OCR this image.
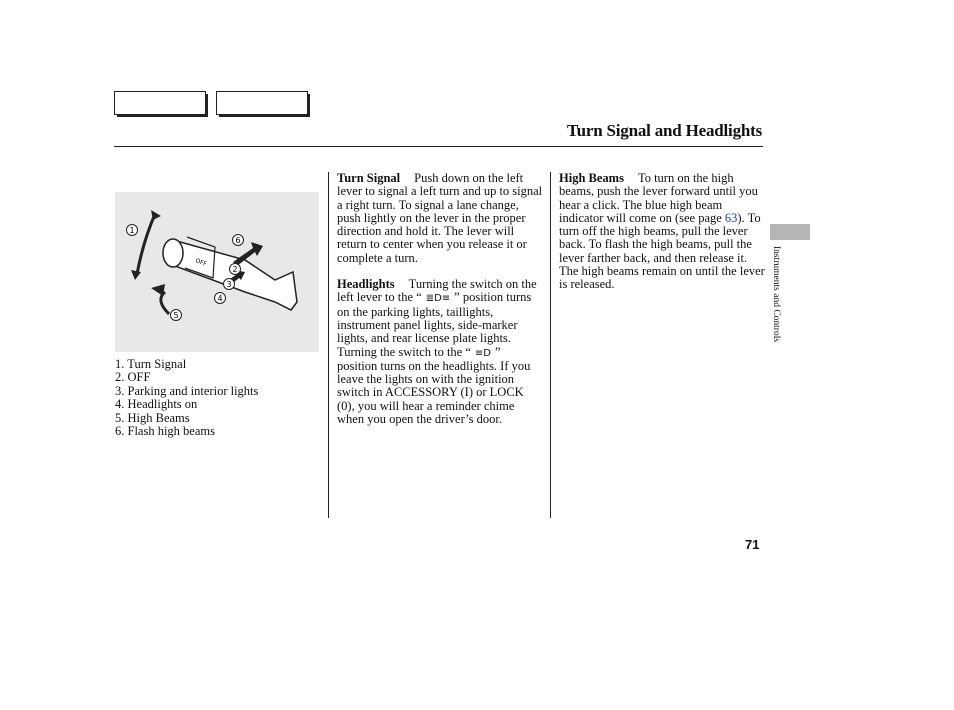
Turn Signal and Headlights
OFF
1
2
3
4
5
6
1. Turn Signal
2. OFF
3. Parking and interior lights
4. Headlights on
5. High Beams
6. Flash high beams

Turn Signal Push down on the left lever to signal a left turn and up to signal a right turn. To signal a lane change, push lightly on the lever in the proper direction and hold it. The lever will return to center when you release it or complete a turn.

Headlights Turning the switch on the left lever to the “ ≣D≡ ” position turns on the parking lights, taillights, instrument panel lights, side-marker lights, and rear license plate lights. Turning the switch to the “ ≡D ” position turns on the headlights. If you leave the lights on with the ignition switch in ACCESSORY (I) or LOCK (0), you will hear a reminder chime when you open the driver’s door.

High Beams To turn on the high beams, push the lever forward until you hear a click. The blue high beam indicator will come on (see page 63). To turn off the high beams, pull the lever back. To flash the high beams, pull the lever farther back, and then release it. The high beams remain on until the lever is released.	Instruments and Controls
71
